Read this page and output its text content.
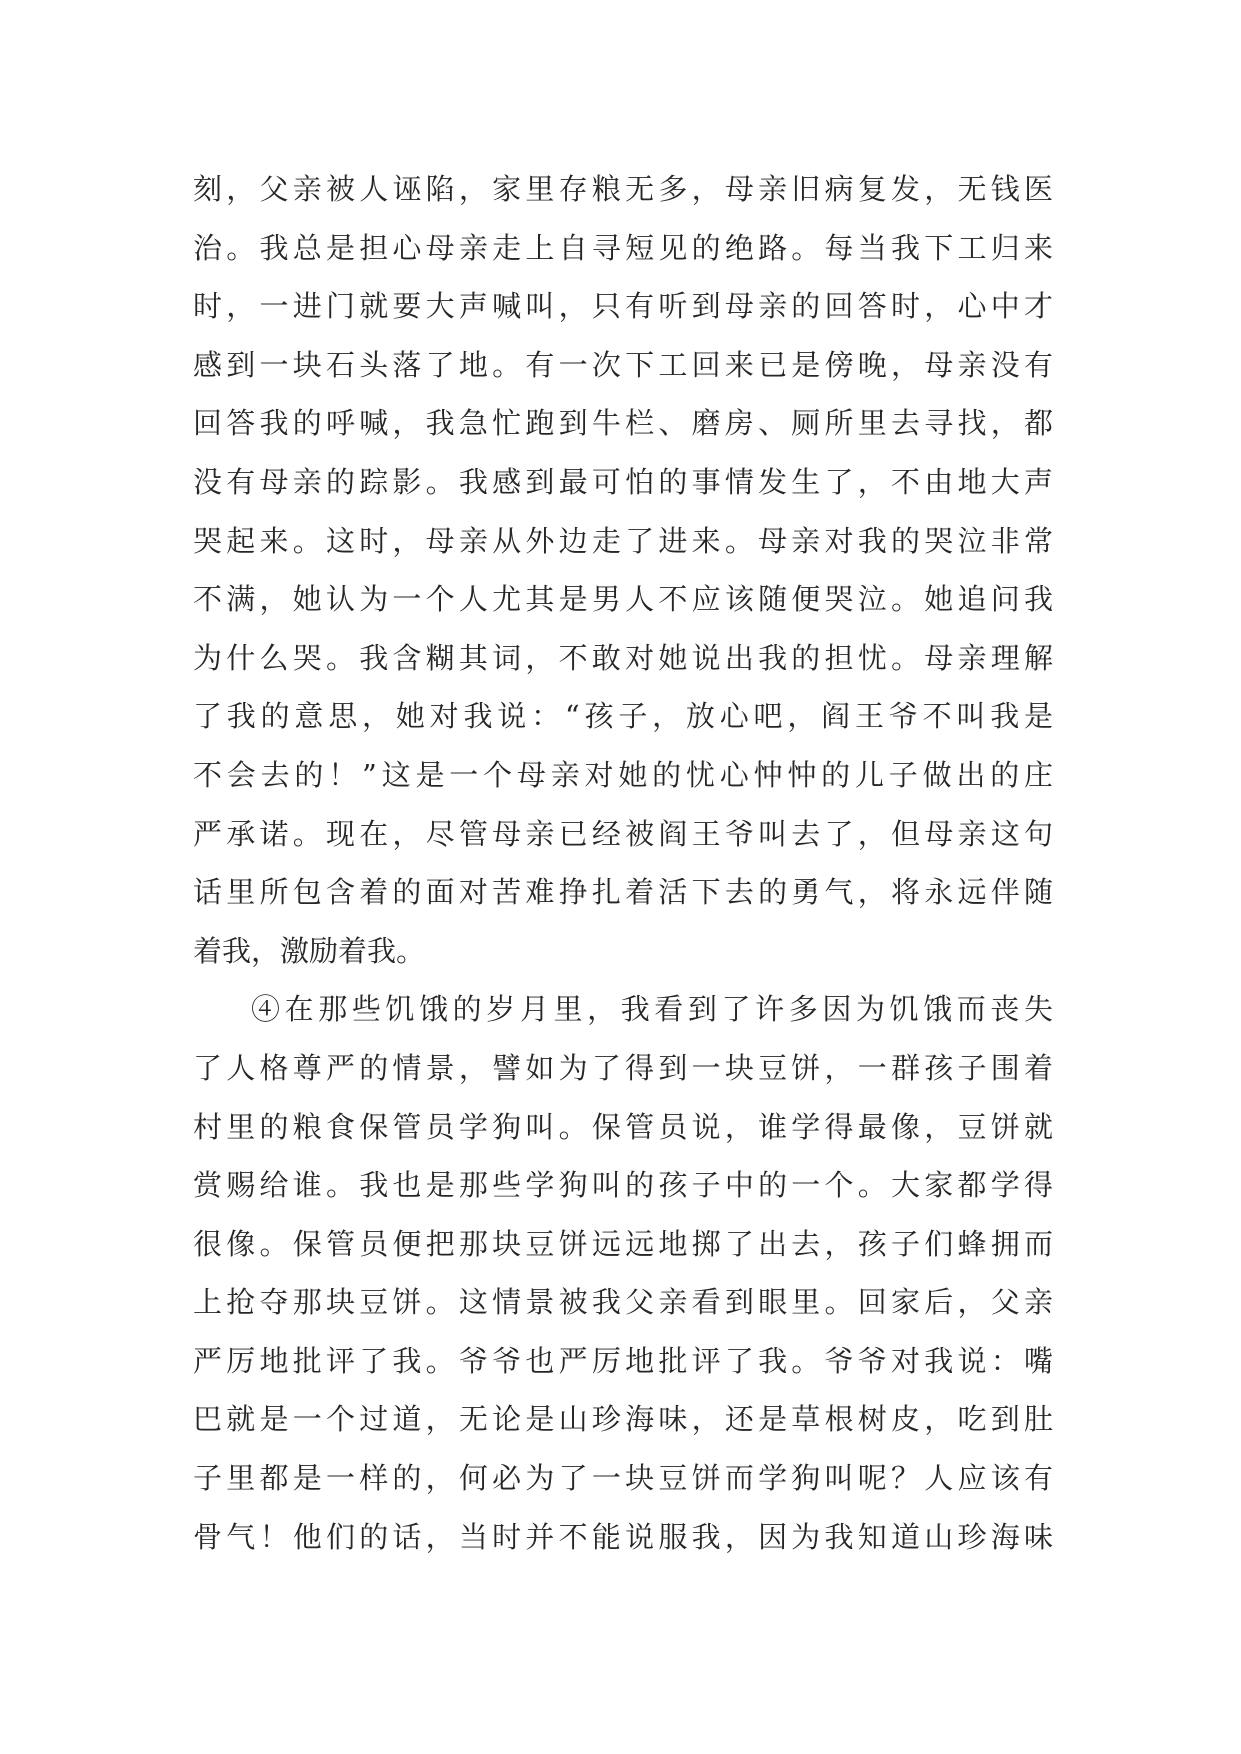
刻，父亲被人诬陷，家里存粮无多，母亲旧病复发，无钱医
治。我总是担心母亲走上自寻短见的绝路。每当我下工归来
时，一进门就要大声喊叫，只有听到母亲的回答时，心中才
感到一块石头落了地。有一次下工回来已是傍晚，母亲没有
回答我的呼喊，我急忙跑到牛栏、磨房、厕所里去寻找，都
没有母亲的踪影。我感到最可怕的事情发生了，不由地大声
哭起来。这时，母亲从外边走了进来。母亲对我的哭泣非常
不满，她认为一个人尤其是男人不应该随便哭泣。她追问我
为什么哭。我含糊其词，不敢对她说出我的担忧。母亲理解
了我的意思，她对我说：“孩子，放心吧，阎王爷不叫我是
不会去的！”这是一个母亲对她的忧心忡忡的儿子做出的庄
严承诺。现在，尽管母亲已经被阎王爷叫去了，但母亲这句
话里所包含着的面对苦难挣扎着活下去的勇气，将永远伴随
着我，激励着我。
④在那些饥饿的岁月里，我看到了许多因为饥饿而丧失
了人格尊严的情景，譬如为了得到一块豆饼，一群孩子围着
村里的粮食保管员学狗叫。保管员说，谁学得最像，豆饼就
赏赐给谁。我也是那些学狗叫的孩子中的一个。大家都学得
很像。保管员便把那块豆饼远远地掷了出去，孩子们蜂拥而
上抢夺那块豆饼。这情景被我父亲看到眼里。回家后，父亲
严厉地批评了我。爷爷也严厉地批评了我。爷爷对我说：嘴
巴就是一个过道，无论是山珍海味，还是草根树皮，吃到肚
子里都是一样的，何必为了一块豆饼而学狗叫呢？人应该有
骨气！他们的话，当时并不能说服我，因为我知道山珍海味
